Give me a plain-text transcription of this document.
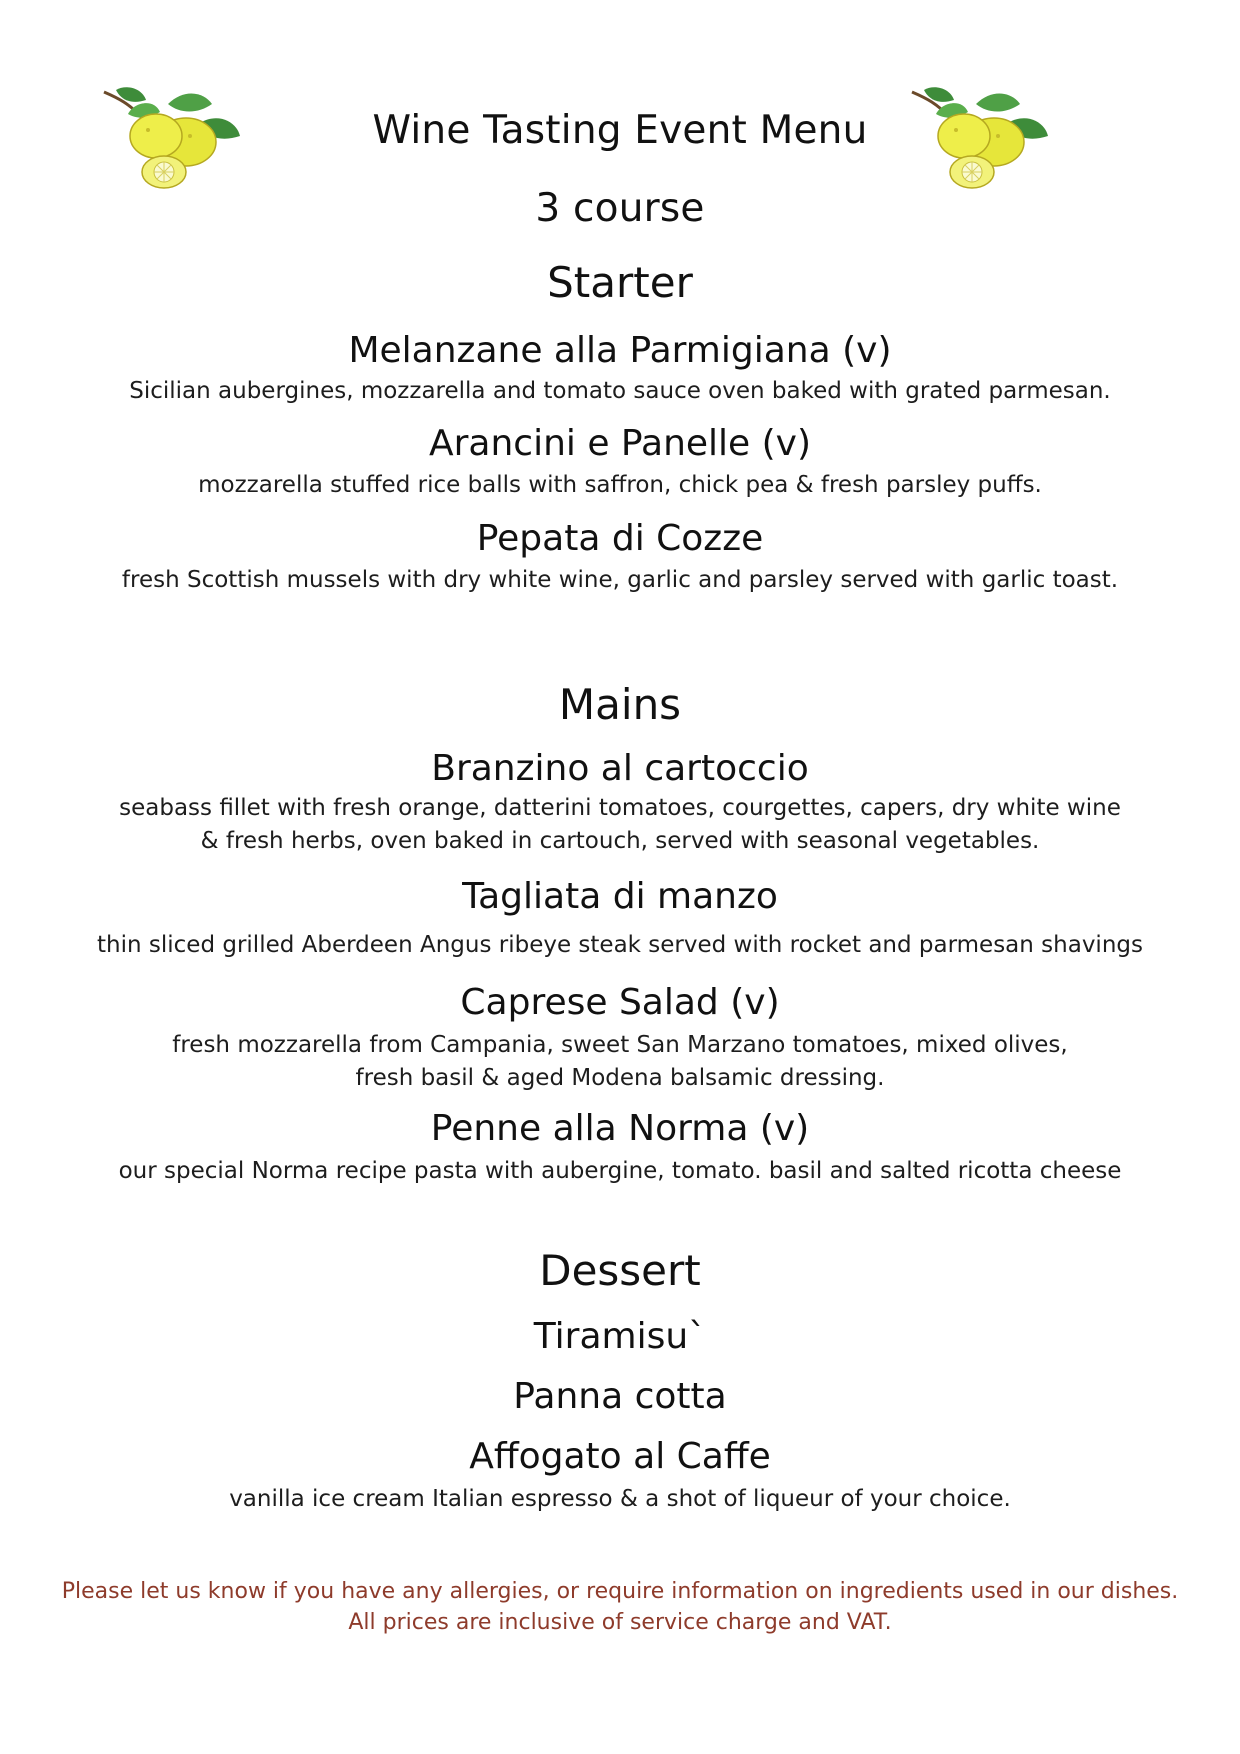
Wine Tasting Event Menu
3 course
Starter
Melanzane alla Parmigiana (v)
Sicilian aubergines, mozzarella and tomato sauce oven baked with grated parmesan.
Arancini e Panelle (v)
mozzarella stuffed rice balls with saffron, chick pea & fresh parsley puffs.
Pepata di Cozze
fresh Scottish mussels with dry white wine, garlic and parsley served with garlic toast.
Mains
Branzino al cartoccio
seabass fillet with fresh orange, datterini tomatoes, courgettes, capers, dry white wine
& fresh herbs, oven baked in cartouch, served with seasonal vegetables.
Tagliata di manzo
thin sliced grilled Aberdeen Angus ribeye steak served with rocket and parmesan shavings
Caprese Salad (v)
fresh mozzarella from Campania, sweet San Marzano tomatoes, mixed olives,
fresh basil & aged Modena balsamic dressing.
Penne alla Norma (v)
our special Norma recipe pasta with aubergine, tomato. basil and salted ricotta cheese
Dessert
Tiramisu`
Panna cotta
Affogato al Caffe
vanilla ice cream Italian espresso & a shot of liqueur of your choice.
Please let us know if you have any allergies, or require information on ingredients used in our dishes.
All prices are inclusive of service charge and VAT.
